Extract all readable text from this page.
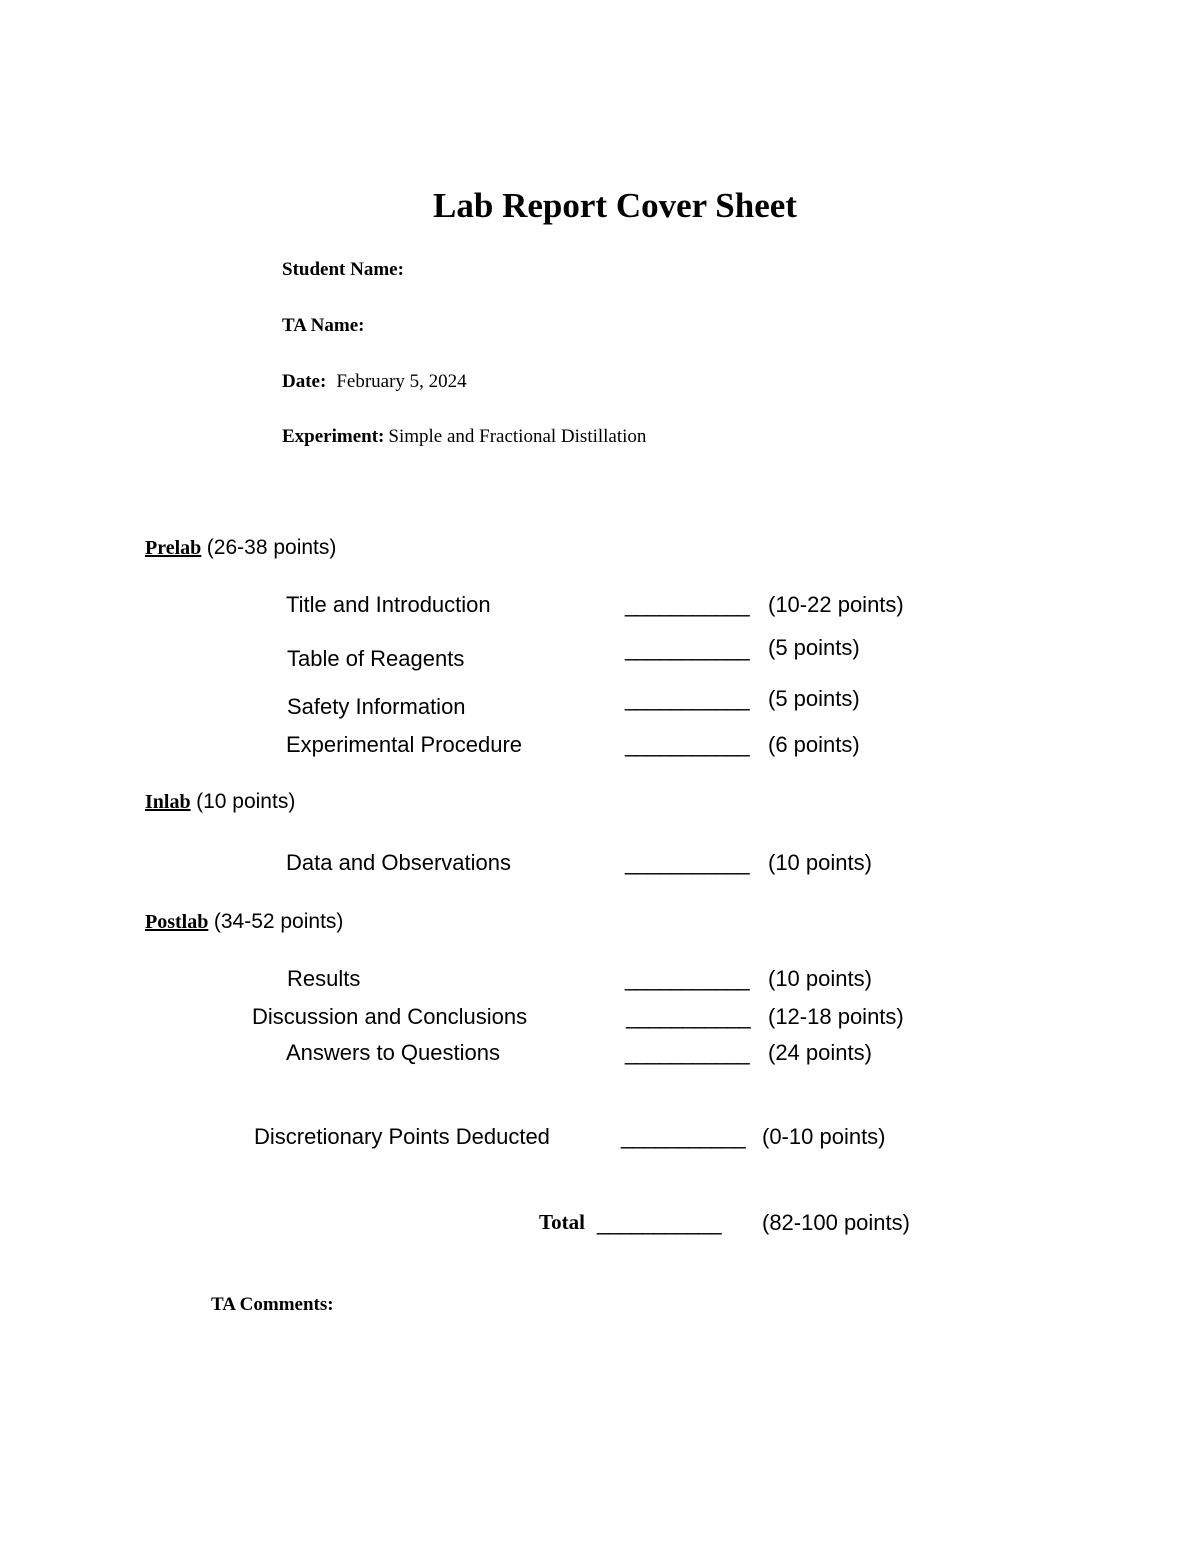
Lab Report Cover Sheet
Student Name:
TA Name:
Date: February 5, 2024
Experiment: Simple and Fractional Distillation
Prelab (26-38 points)
Title and Introduction	___________ (10-22 points)
Table of Reagents	___________ (5 points)
Safety Information	___________ (5 points)
Experimental Procedure	___________ (6 points)
Inlab (10 points)
Data and Observations	___________ (10 points)
Postlab (34-52 points)
Results	___________ (10 points)
Discussion and Conclusions	___________ (12-18 points)
Answers to Questions	___________ (24 points)
Discretionary Points Deducted	___________ (0-10 points)
Total ___________ (82-100 points)
TA Comments:
